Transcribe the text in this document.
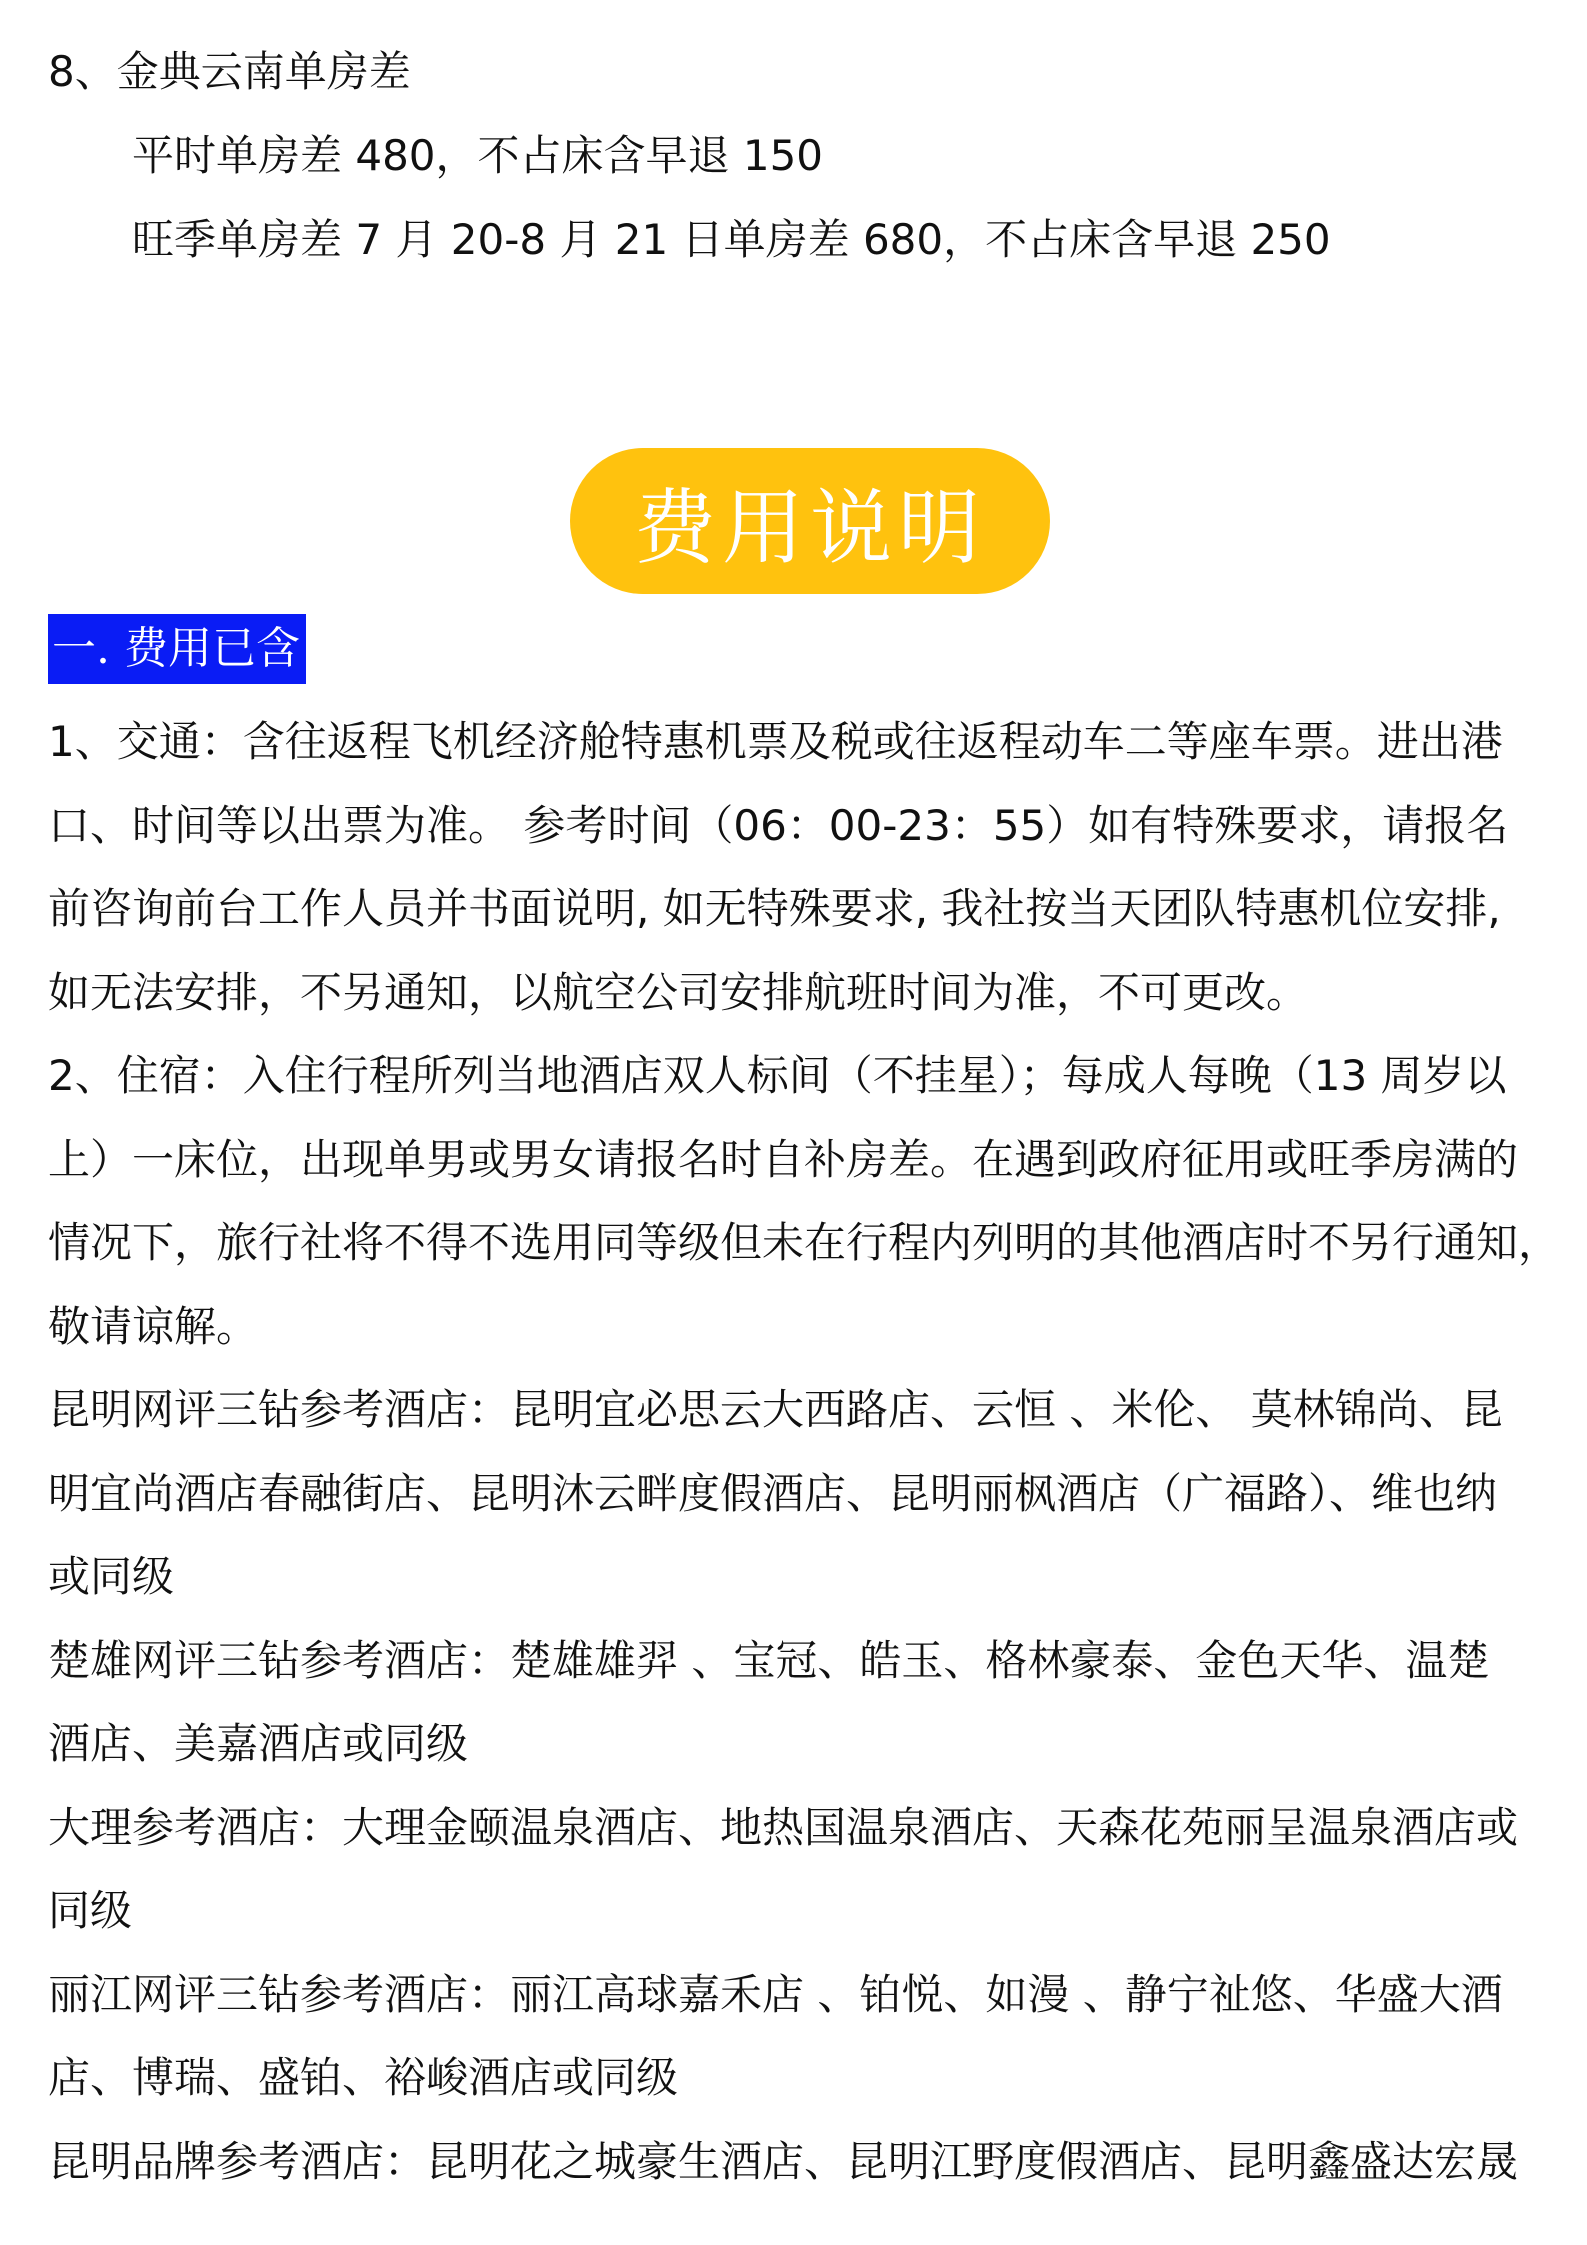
8、金典云南单房差
平时单房差 480，不占床含早退 150
旺季单房差 7 月 20-8 月 21 日单房差 680，不占床含早退 250
费用说明
一. 费用已含
1、交通：含往返程飞机经济舱特惠机票及税或往返程动车二等座车票。进出港
口、时间等以出票为准。 参考时间（06：00-23：55）如有特殊要求，请报名
前咨询前台工作人员并书面说明, 如无特殊要求, 我社按当天团队特惠机位安排,
如无法安排，不另通知，以航空公司安排航班时间为准，不可更改。
2、住宿：入住行程所列当地酒店双人标间（不挂星）；每成人每晚（13 周岁以
上）一床位，出现单男或男女请报名时自补房差。在遇到政府征用或旺季房满的
情况下，旅行社将不得不选用同等级但未在行程内列明的其他酒店时不另行通知，
敬请谅解。
昆明网评三钻参考酒店：昆明宜必思云大西路店、云恒 、米伦、 莫林锦尚、昆
明宜尚酒店春融街店、昆明沐云畔度假酒店、昆明丽枫酒店（广福路）、维也纳
或同级
楚雄网评三钻参考酒店：楚雄雄羿 、宝冠、皓玉、格林豪泰、金色天华、温楚
酒店、美嘉酒店或同级
大理参考酒店：大理金颐温泉酒店、地热国温泉酒店、天森花苑丽呈温泉酒店或
同级
丽江网评三钻参考酒店：丽江高球嘉禾店 、铂悦、如漫 、静宁祉悠、华盛大酒
店、博瑞、盛铂、裕峻酒店或同级
昆明品牌参考酒店：昆明花之城豪生酒店、昆明江野度假酒店、昆明鑫盛达宏晟
